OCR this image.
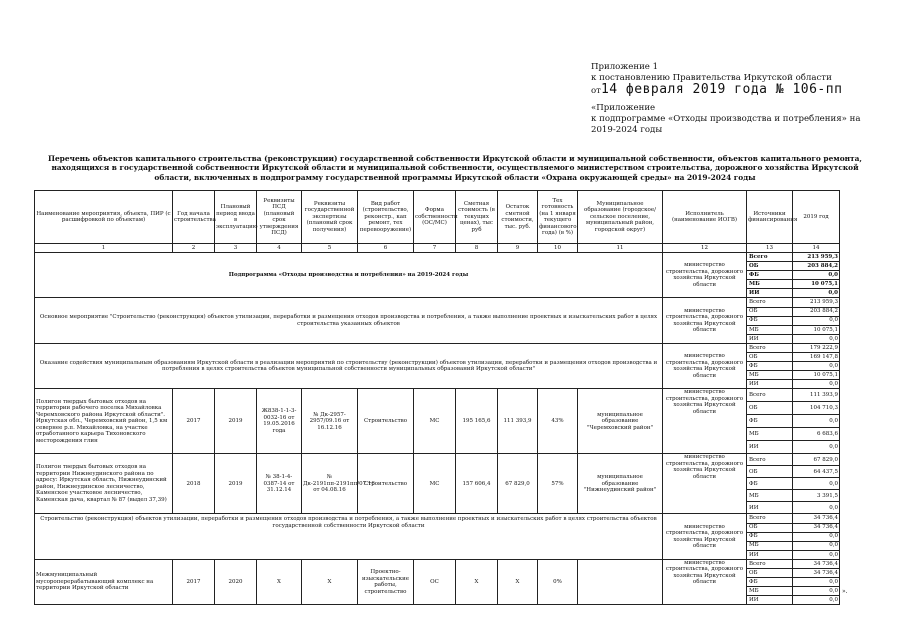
Приложение 1
к постановлению Правительства Иркутской области
от14 февраля 2019 года № 106-пп
«Приложение
к подпрограмме «Отходы производства и потребления» на 2019-2024 годы
Перечень объектов капитального строительства (реконструкции) государственной собственности Иркутской области и муниципальной собственности, объектов капитального ремонта, находящихся в государственной собственности Иркутской области и муниципальной собственности, осуществляемого министерством строительства, дорожного хозяйства Иркутской области, включенных в подпрограмму государственной программы Иркутской области «Охрана окружающей среды» на 2019-2024 годы
Наименование мероприятия, объекта, ПИР (с расшифровкой по объектам)	Год начала строительства	Плановый период ввода в эксплуатацию	Реквизиты ПСД (плановый срок утверждения ПСД)	Реквизиты государственной экспертизы (плановый срок получения)	Вид работ (строительство, реконстр., кап ремонт, тех перевооружение)	Форма собственности (ОС/МС)	Сметная стоимость (в текущих ценах), тыс руб	Остаток сметной стоимости, тыс. руб.	Тех готовность (на 1 января текущего финансового года) (в %)	Муниципальное образование (городское/сельское поселение, муниципальный район, городской округ)	Исполнитель (наименование ИОГВ)	Источники финансирования	2019 год
1	2	3	4	5	6	7	8	9	10	11	12	13	14
Подпрограмма «Отходы производства и потребления» на 2019-2024 годы											министерство строительства, дорожного хозяйства Иркутской области	Всего	213 959,3
												ОБ	203 884,2
												ФБ	0,0
												МБ	10 075,1
												ИИ	0,0
Основное мероприятие "Строительство (реконструкция) объектов утилизации, переработки и размещения отходов производства и потребления, а также выполнение проектных и изыскательских работ в целях строительства указанных объектов											министерство строительства, дорожного хозяйства Иркутской области	Всего	213 959,3
												ОБ	203 884,2
												ФБ	0,0
												МБ	10 075,1
												ИИ	0,0
Оказание содействия муниципальным образованиям Иркутской области в реализации мероприятий по строительству (реконструкции) объектов утилизации, переработки и размещения отходов производства и потребления в целях строительства объектов муниципальной собственности муниципальных образований Иркутской области"											министерство строительства, дорожного хозяйства Иркутской области	Всего	179 222,9
												ОБ	169 147,8
												ФБ	0,0
												МБ	10 075,1
												ИИ	0,0
Полигон твердых бытовых отходов на территории рабочего поселка Михайловка Черемховского района Иркутской области". Иркутская обл., Черемховский район, 1,5 км севернее р.п. Михайловка, на участке отработанного карьера Тихоновского месторождения глин	2017	2019	Ж838-1-1-3-0032-16 от 19.05.2016 года	№ Дк-2957-2957/09.16 от 16.12.16	Строительство	МС	195 165,6	111 393,9	43%	муниципальное образование "Черемховский район"	министерство строительства, дорожного хозяйства Иркутской области	Всего	111 393,9
												ОБ	104 710,3
												ФБ	0,0
												МБ	6 683,6
												ИИ	0,0
Полигон твердых бытовых отходов на территории Нижнеудинского района по адресу: Иркутская область, Нижнеудинский район, Нижнеудинское лесничество, Каменское участковое лесничество, Каменская дача, квартал № 87 (выдел 37,39)	2018	2019	№ 38-1-4-0387-14 от 31.12.14	№ Дк-2191пп-2191пп/07.16 от 04.08.16	Строительство	МС	157 606,4	67 829,0	57%	муниципальное образование "Нижнеудинский район"	министерство строительства, дорожного хозяйства Иркутской области	Всего	67 829,0
												ОБ	64 437,5
												ФБ	0,0
												МБ	3 391,5
												ИИ	0,0
Строительство (реконструкция) объектов утилизации, переработки и размещения отходов производства и потребления, а также выполнение проектных и изыскательских работ в целях строительства объектов государственной собственности Иркутской области											министерство строительства, дорожного хозяйства Иркутской области	Всего	34 736,4
												ОБ	34 736,4
												ФБ	0,0
												МБ	0,0
												ИИ	0,0
Межмуниципальный мусороперерабатывающий комплекс на территории Иркутской области	2017	2020	Х	Х	Проектно-изыскательские работы, строительство	ОС	Х	Х	0%		министерство строительства, дорожного хозяйства Иркутской области	Всего	34 736,4
												ОБ	34 736,4
												ФБ	0,0
												МБ	0,0
												ИИ	0,0
».
